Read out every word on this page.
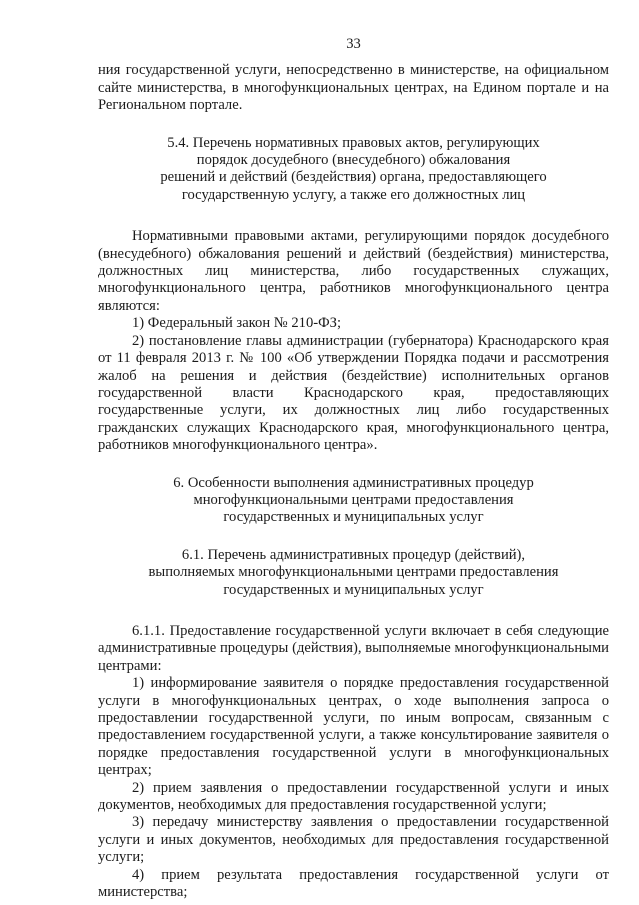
33

ния государственной услуги, непосредственно в министерстве, на официальном сайте министерства, в многофункциональных центрах, на Едином портале и на Региональном портале.

5.4. Перечень нормативных правовых актов, регулирующих
порядок досудебного (внесудебного) обжалования
решений и действий (бездействия) органа, предоставляющего
государственную услугу, а также его должностных лиц

Нормативными правовыми актами, регулирующими порядок досудебного (внесудебного) обжалования решений и действий (бездействия) министерства, должностных лиц министерства, либо государственных служащих, многофункционального центра, работников многофункционального центра являются:

1) Федеральный закон № 210-ФЗ;

2) постановление главы администрации (губернатора) Краснодарского края от 11 февраля 2013 г. № 100 «Об утверждении Порядка подачи и рассмотрения жалоб на решения и действия (бездействие) исполнительных органов государственной власти Краснодарского края, предоставляющих государственные услуги, их должностных лиц либо государственных гражданских служащих Краснодарского края, многофункционального центра, работников многофункционального центра».

6. Особенности выполнения административных процедур
многофункциональными центрами предоставления
государственных и муниципальных услуг
6.1. Перечень административных процедур (действий),
выполняемых многофункциональными центрами предоставления
государственных и муниципальных услуг

6.1.1. Предоставление государственной услуги включает в себя следующие административные процедуры (действия), выполняемые многофункциональными центрами:

1) информирование заявителя о порядке предоставления государственной услуги в многофункциональных центрах, о ходе выполнения запроса о предоставлении государственной услуги, по иным вопросам, связанным с предоставлением государственной услуги, а также консультирование заявителя о порядке предоставления государственной услуги в многофункциональных центрах;

2) прием заявления о предоставлении государственной услуги и иных документов, необходимых для предоставления государственной услуги;

3) передачу министерству заявления о предоставлении государственной услуги и иных документов, необходимых для предоставления государственной услуги;

4) прием результата предоставления государственной услуги от министерства;
